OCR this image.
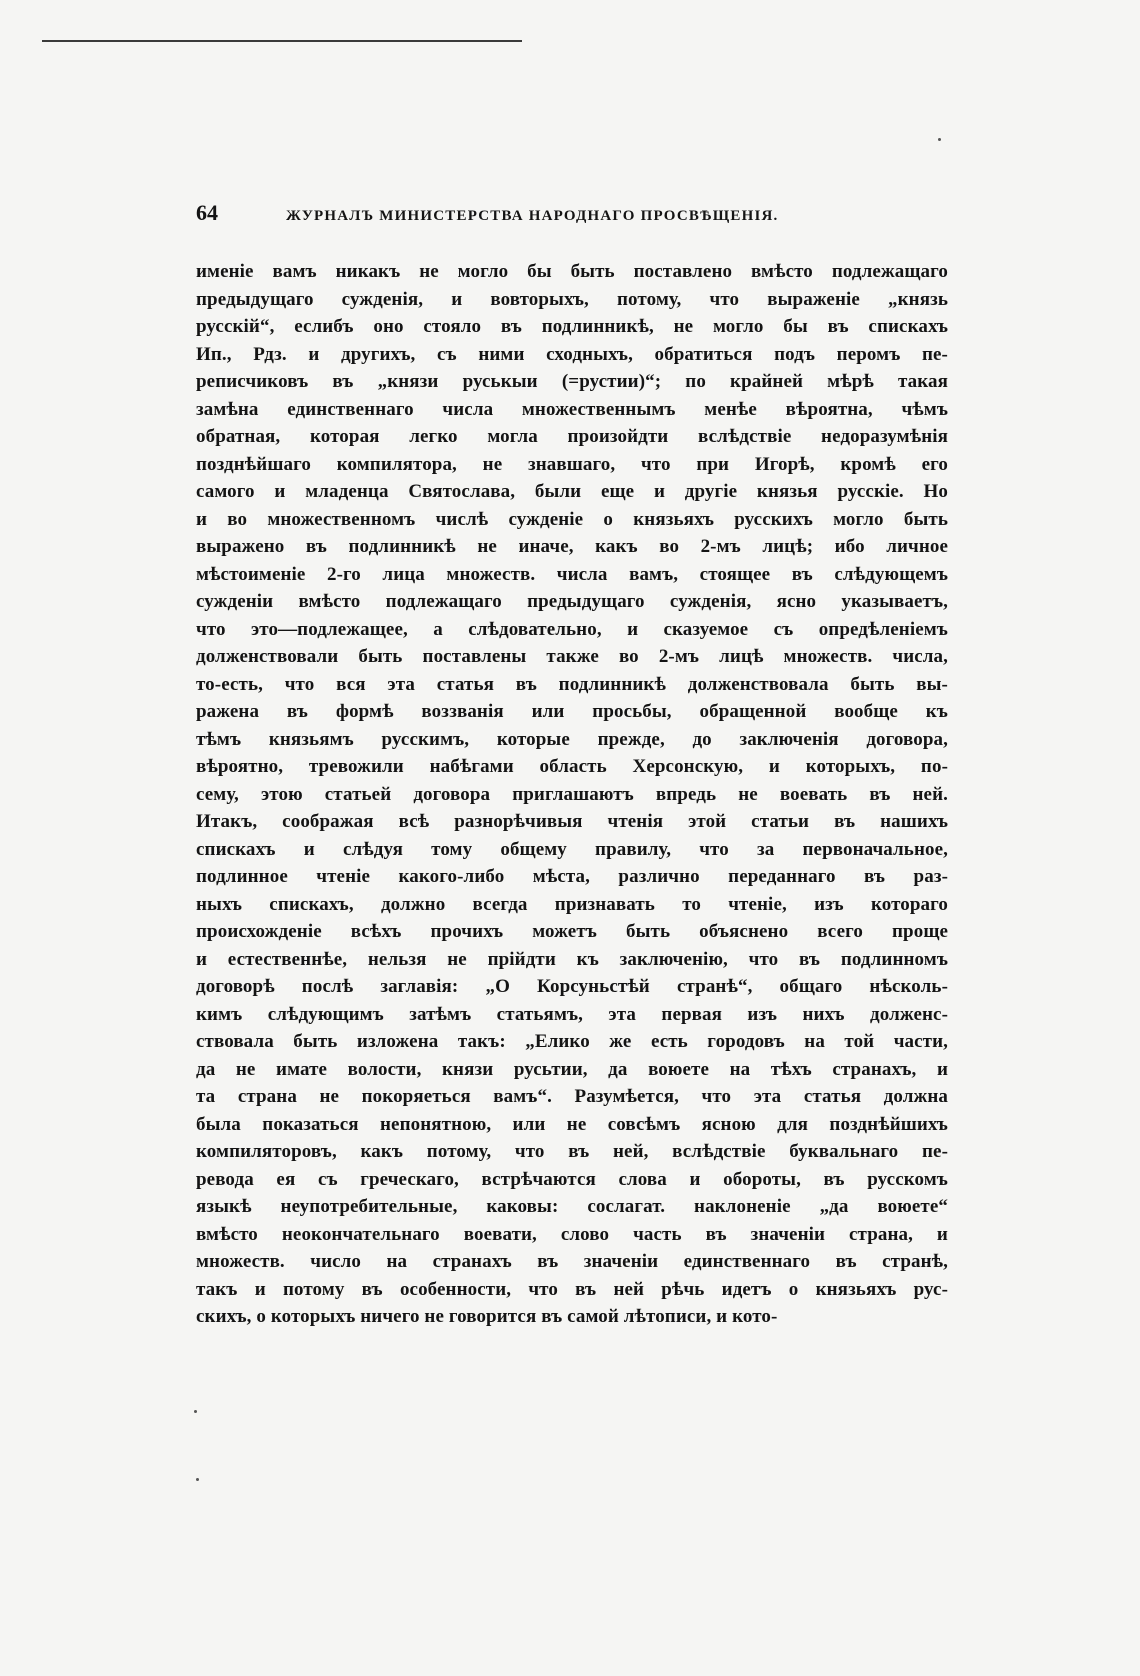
64	ЖУРНАЛЪ МИНИСТЕРСТВА НАРОДНАГО ПРОСВѢЩЕНІЯ.
именіе вамъ никакъ не могло бы быть поставлено вмѣсто подлежащаго
предыдущаго сужденія, и вовторыхъ, потому, что выраженіе „князь
русскій“, еслибъ оно стояло въ подлинникѣ, не могло бы въ спискахъ
Ип., Рдз. и другихъ, съ ними сходныхъ, обратиться подъ перомъ пе-
реписчиковъ въ „князи руськыи (=рустии)“; по крайней мѣрѣ такая
замѣна единственнаго числа множественнымъ менѣе вѣроятна, чѣмъ
обратная, которая легко могла произойдти вслѣдствіе недоразумѣнія
позднѣйшаго компилятора, не знавшаго, что при Игорѣ, кромѣ его
самого и младенца Святослава, были еще и другіе князья русскіе. Но
и во множественномъ числѣ сужденіе о князьяхъ русскихъ могло быть
выражено въ подлинникѣ не иначе, какъ во 2-мъ лицѣ; ибо личное
мѣстоименіе 2-го лица множеств. числа вамъ, стоящее въ слѣдующемъ
сужденіи вмѣсто подлежащаго предыдущаго сужденія, ясно указываетъ,
что это—подлежащее, а слѣдовательно, и сказуемое съ опредѣленіемъ
долженствовали быть поставлены также во 2-мъ лицѣ множеств. числа,
то-есть, что вся эта статья въ подлинникѣ долженствовала быть вы-
ражена въ формѣ воззванія или просьбы, обращенной вообще къ
тѣмъ князьямъ русскимъ, которые прежде, до заключенія договора,
вѣроятно, тревожили набѣгами область Херсонскую, и которыхъ, по-
сему, этою статьей договора приглашаютъ впредь не воевать въ ней.
Итакъ, соображая всѣ разнорѣчивыя чтенія этой статьи въ нашихъ
спискахъ и слѣдуя тому общему правилу, что за первоначальное,
подлинное чтеніе какого-либо мѣста, различно переданнаго въ раз-
ныхъ спискахъ, должно всегда признавать то чтеніе, изъ котораго
происхожденіе всѣхъ прочихъ можетъ быть объяснено всего проще
и естественнѣе, нельзя не прійдти къ заключенію, что въ подлинномъ
договорѣ послѣ заглавія: „О Корсуньстѣй странѣ“, общаго нѣсколь-
кимъ слѣдующимъ затѣмъ статьямъ, эта первая изъ нихъ долженс-
ствовала быть изложена такъ: „Елико же есть городовъ на той части,
да не имате волости, князи русьтии, да воюете на тѣхъ странахъ, и
та страна не покоряеться вамъ“. Разумѣется, что эта статья должна
была показаться непонятною, или не совсѣмъ ясною для позднѣйшихъ
компиляторовъ, какъ потому, что въ ней, вслѣдствіе буквальнаго пе-
ревода ея съ греческаго, встрѣчаются слова и обороты, въ русскомъ
языкѣ неупотребительные, каковы: сослагат. наклоненіе „да воюете“
вмѣсто неокончательнаго воевати, слово часть въ значеніи страна, и
множеств. число на странахъ въ значеніи единственнаго въ странѣ,
такъ и потому въ особенности, что въ ней рѣчь идетъ о князьяхъ рус-
скихъ, о которыхъ ничего не говорится въ самой лѣтописи, и кото-
